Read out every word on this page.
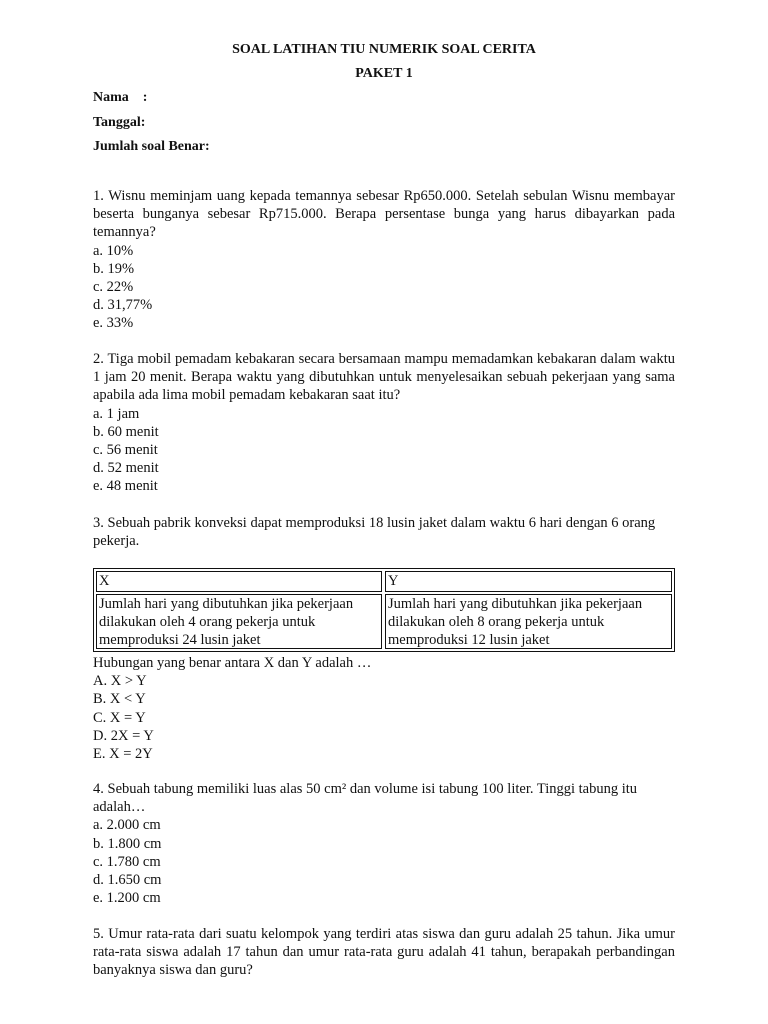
SOAL LATIHAN TIU NUMERIK SOAL CERITA
PAKET 1
Nama    :
Tanggal:
Jumlah soal Benar:
1. Wisnu meminjam uang kepada temannya sebesar Rp650.000. Setelah sebulan Wisnu membayar beserta bunganya sebesar Rp715.000. Berapa persentase bunga yang harus dibayarkan pada temannya?
a. 10%
b. 19%
c. 22%
d. 31,77%
e. 33%
2. Tiga mobil pemadam kebakaran secara bersamaan mampu memadamkan kebakaran dalam waktu 1 jam 20 menit. Berapa waktu yang dibutuhkan untuk menyelesaikan sebuah pekerjaan yang sama apabila ada lima mobil pemadam kebakaran saat itu?
a. 1 jam
b. 60 menit
c. 56 menit
d. 52 menit
e. 48 menit
3. Sebuah pabrik konveksi dapat memproduksi 18 lusin jaket dalam waktu 6 hari dengan 6 orang pekerja.
X	Y
Jumlah hari yang dibutuhkan jika pekerjaan dilakukan oleh 4 orang pekerja untuk memproduksi 24 lusin jaket
Jumlah hari yang dibutuhkan jika pekerjaan dilakukan oleh 8 orang pekerja untuk memproduksi 12 lusin jaket
Hubungan yang benar antara X dan Y adalah …
A. X > Y
B. X < Y
C. X = Y
D. 2X = Y
E. X = 2Y
4. Sebuah tabung memiliki luas alas 50 cm² dan volume isi tabung 100 liter. Tinggi tabung itu adalah…
a. 2.000 cm
b. 1.800 cm
c. 1.780 cm
d. 1.650 cm
e. 1.200 cm
5. Umur rata-rata dari suatu kelompok yang terdiri atas siswa dan guru adalah 25 tahun. Jika umur rata-rata siswa adalah 17 tahun dan umur rata-rata guru adalah 41 tahun, berapakah perbandingan banyaknya siswa dan guru?
